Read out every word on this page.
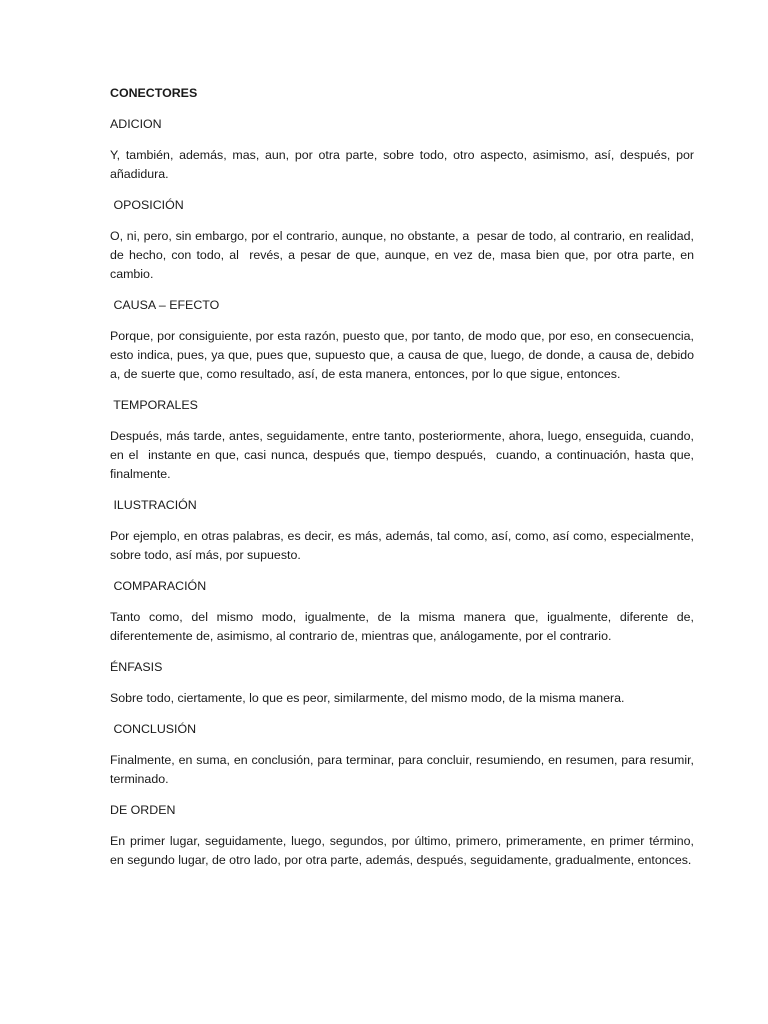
CONECTORES
ADICION
Y, también, además, mas, aun, por otra parte, sobre todo, otro aspecto, asimismo, así, después, por añadidura.
OPOSICIÓN
O, ni, pero, sin embargo, por el contrario, aunque, no obstante, a  pesar de todo, al contrario, en realidad, de hecho, con todo, al  revés, a pesar de que, aunque, en vez de, masa bien que, por otra parte, en cambio.
CAUSA – EFECTO
Porque, por consiguiente, por esta razón, puesto que, por tanto, de modo que, por eso, en consecuencia, esto indica, pues, ya que, pues que, supuesto que, a causa de que, luego, de donde, a causa de, debido a, de suerte que, como resultado, así, de esta manera, entonces, por lo que sigue, entonces.
TEMPORALES
Después, más tarde, antes, seguidamente, entre tanto, posteriormente, ahora, luego, enseguida, cuando, en el  instante en que, casi nunca, después que, tiempo después,  cuando, a continuación, hasta que, finalmente.
ILUSTRACIÓN
Por ejemplo, en otras palabras, es decir, es más, además, tal como, así, como, así como, especialmente, sobre todo, así más, por supuesto.
COMPARACIÓN
Tanto como, del mismo modo, igualmente, de la misma manera que, igualmente, diferente de, diferentemente de, asimismo, al contrario de, mientras que, análogamente, por el contrario.
ÉNFASIS
Sobre todo, ciertamente, lo que es peor, similarmente, del mismo modo, de la misma manera.
CONCLUSIÓN
Finalmente, en suma, en conclusión, para terminar, para concluir, resumiendo, en resumen, para resumir, terminado.
DE ORDEN
En primer lugar, seguidamente, luego, segundos, por último, primero, primeramente, en primer término, en segundo lugar, de otro lado, por otra parte, además, después, seguidamente, gradualmente, entonces.
